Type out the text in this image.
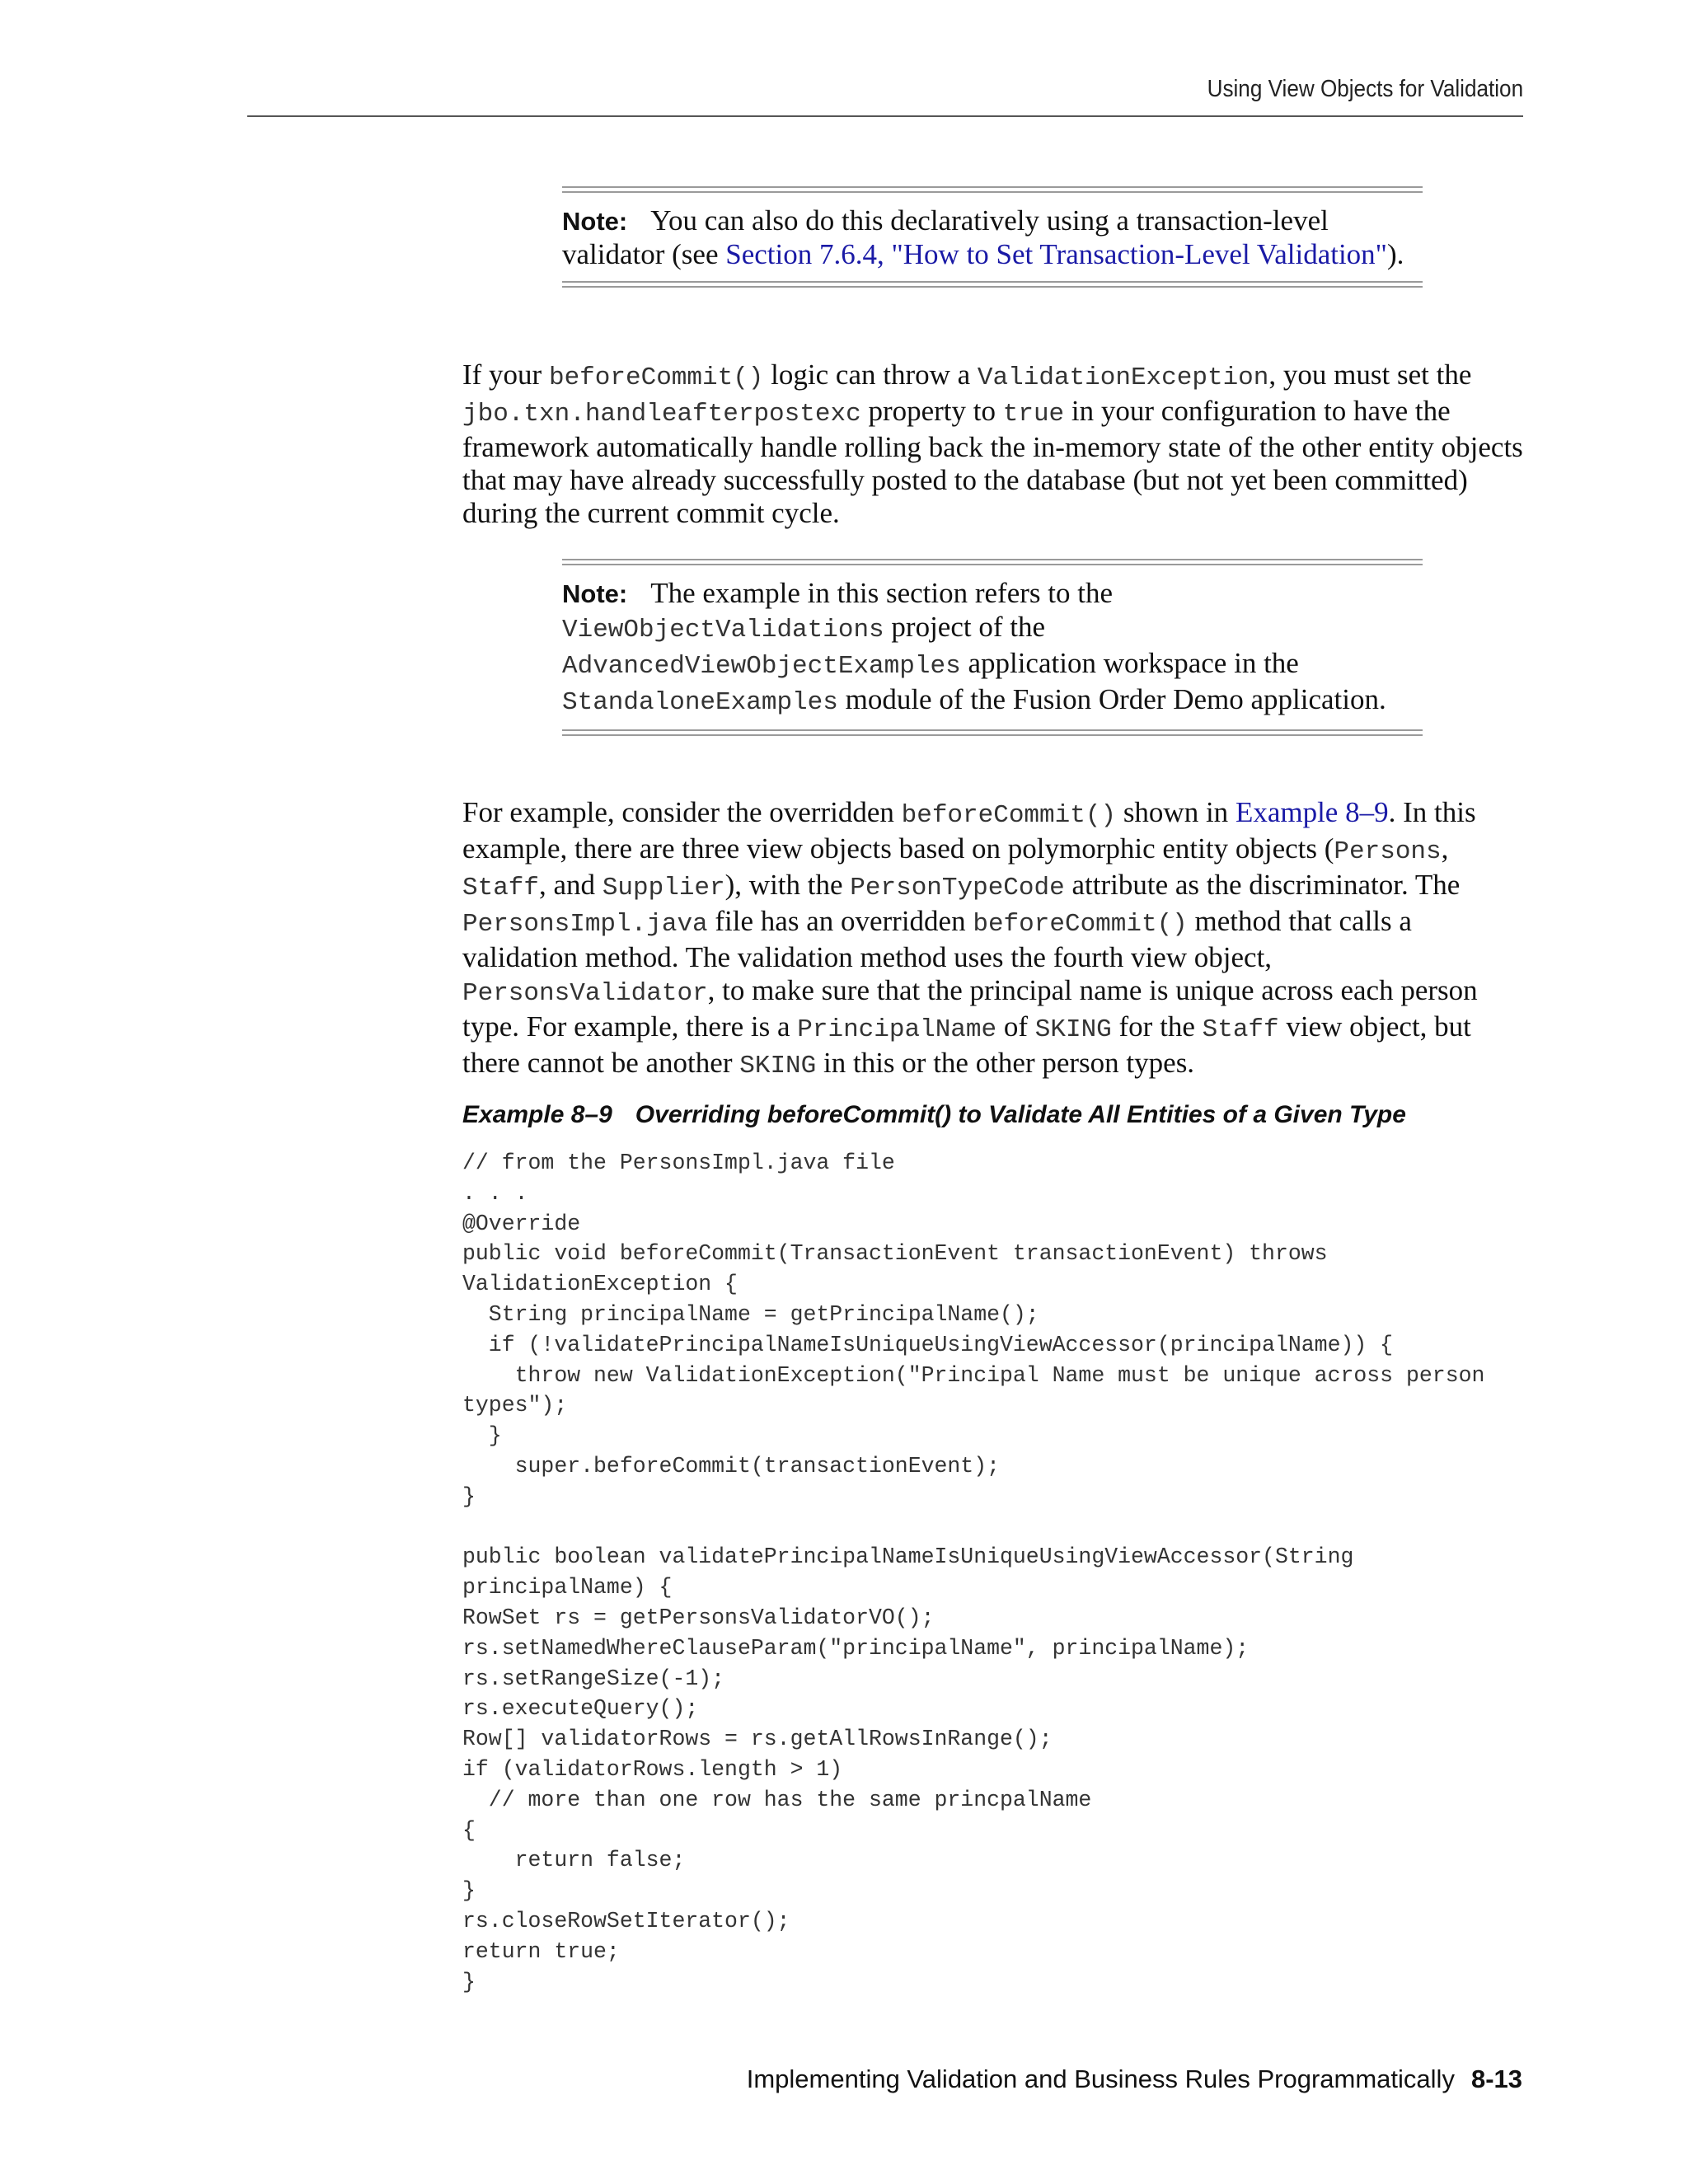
Using View Objects for Validation
Note: You can also do this declaratively using a transaction-level validator (see Section 7.6.4, "How to Set Transaction-Level Validation").
If your beforeCommit() logic can throw a ValidationException, you must set the jbo.txn.handleafterpostexc property to true in your configuration to have the framework automatically handle rolling back the in-memory state of the other entity objects that may have already successfully posted to the database (but not yet been committed) during the current commit cycle.
Note: The example in this section refers to the ViewObjectValidations project of the AdvancedViewObjectExamples application workspace in the StandaloneExamples module of the Fusion Order Demo application.
For example, consider the overridden beforeCommit() shown in Example 8–9. In this example, there are three view objects based on polymorphic entity objects (Persons, Staff, and Supplier), with the PersonTypeCode attribute as the discriminator. The PersonsImpl.java file has an overridden beforeCommit() method that calls a validation method. The validation method uses the fourth view object, PersonsValidator, to make sure that the principal name is unique across each person type. For example, there is a PrincipalName of SKING for the Staff view object, but there cannot be another SKING in this or the other person types.
Example 8–9 Overriding beforeCommit() to Validate All Entities of a Given Type
// from the PersonsImpl.java file
. . .
@Override
public void beforeCommit(TransactionEvent transactionEvent) throws
ValidationException {
String principalName = getPrincipalName();
if (!validatePrincipalNameIsUniqueUsingViewAccessor(principalName)) {
throw new ValidationException("Principal Name must be unique across person
types");
}
super.beforeCommit(transactionEvent);
}

public boolean validatePrincipalNameIsUniqueUsingViewAccessor(String
principalName) {
RowSet rs = getPersonsValidatorVO();
rs.setNamedWhereClauseParam("principalName", principalName);
rs.setRangeSize(-1);
rs.executeQuery();
Row[] validatorRows = rs.getAllRowsInRange();
if (validatorRows.length > 1)
// more than one row has the same princpalName
{
return false;
}
rs.closeRowSetIterator();
return true;
}
Implementing Validation and Business Rules Programmatically 8-13
